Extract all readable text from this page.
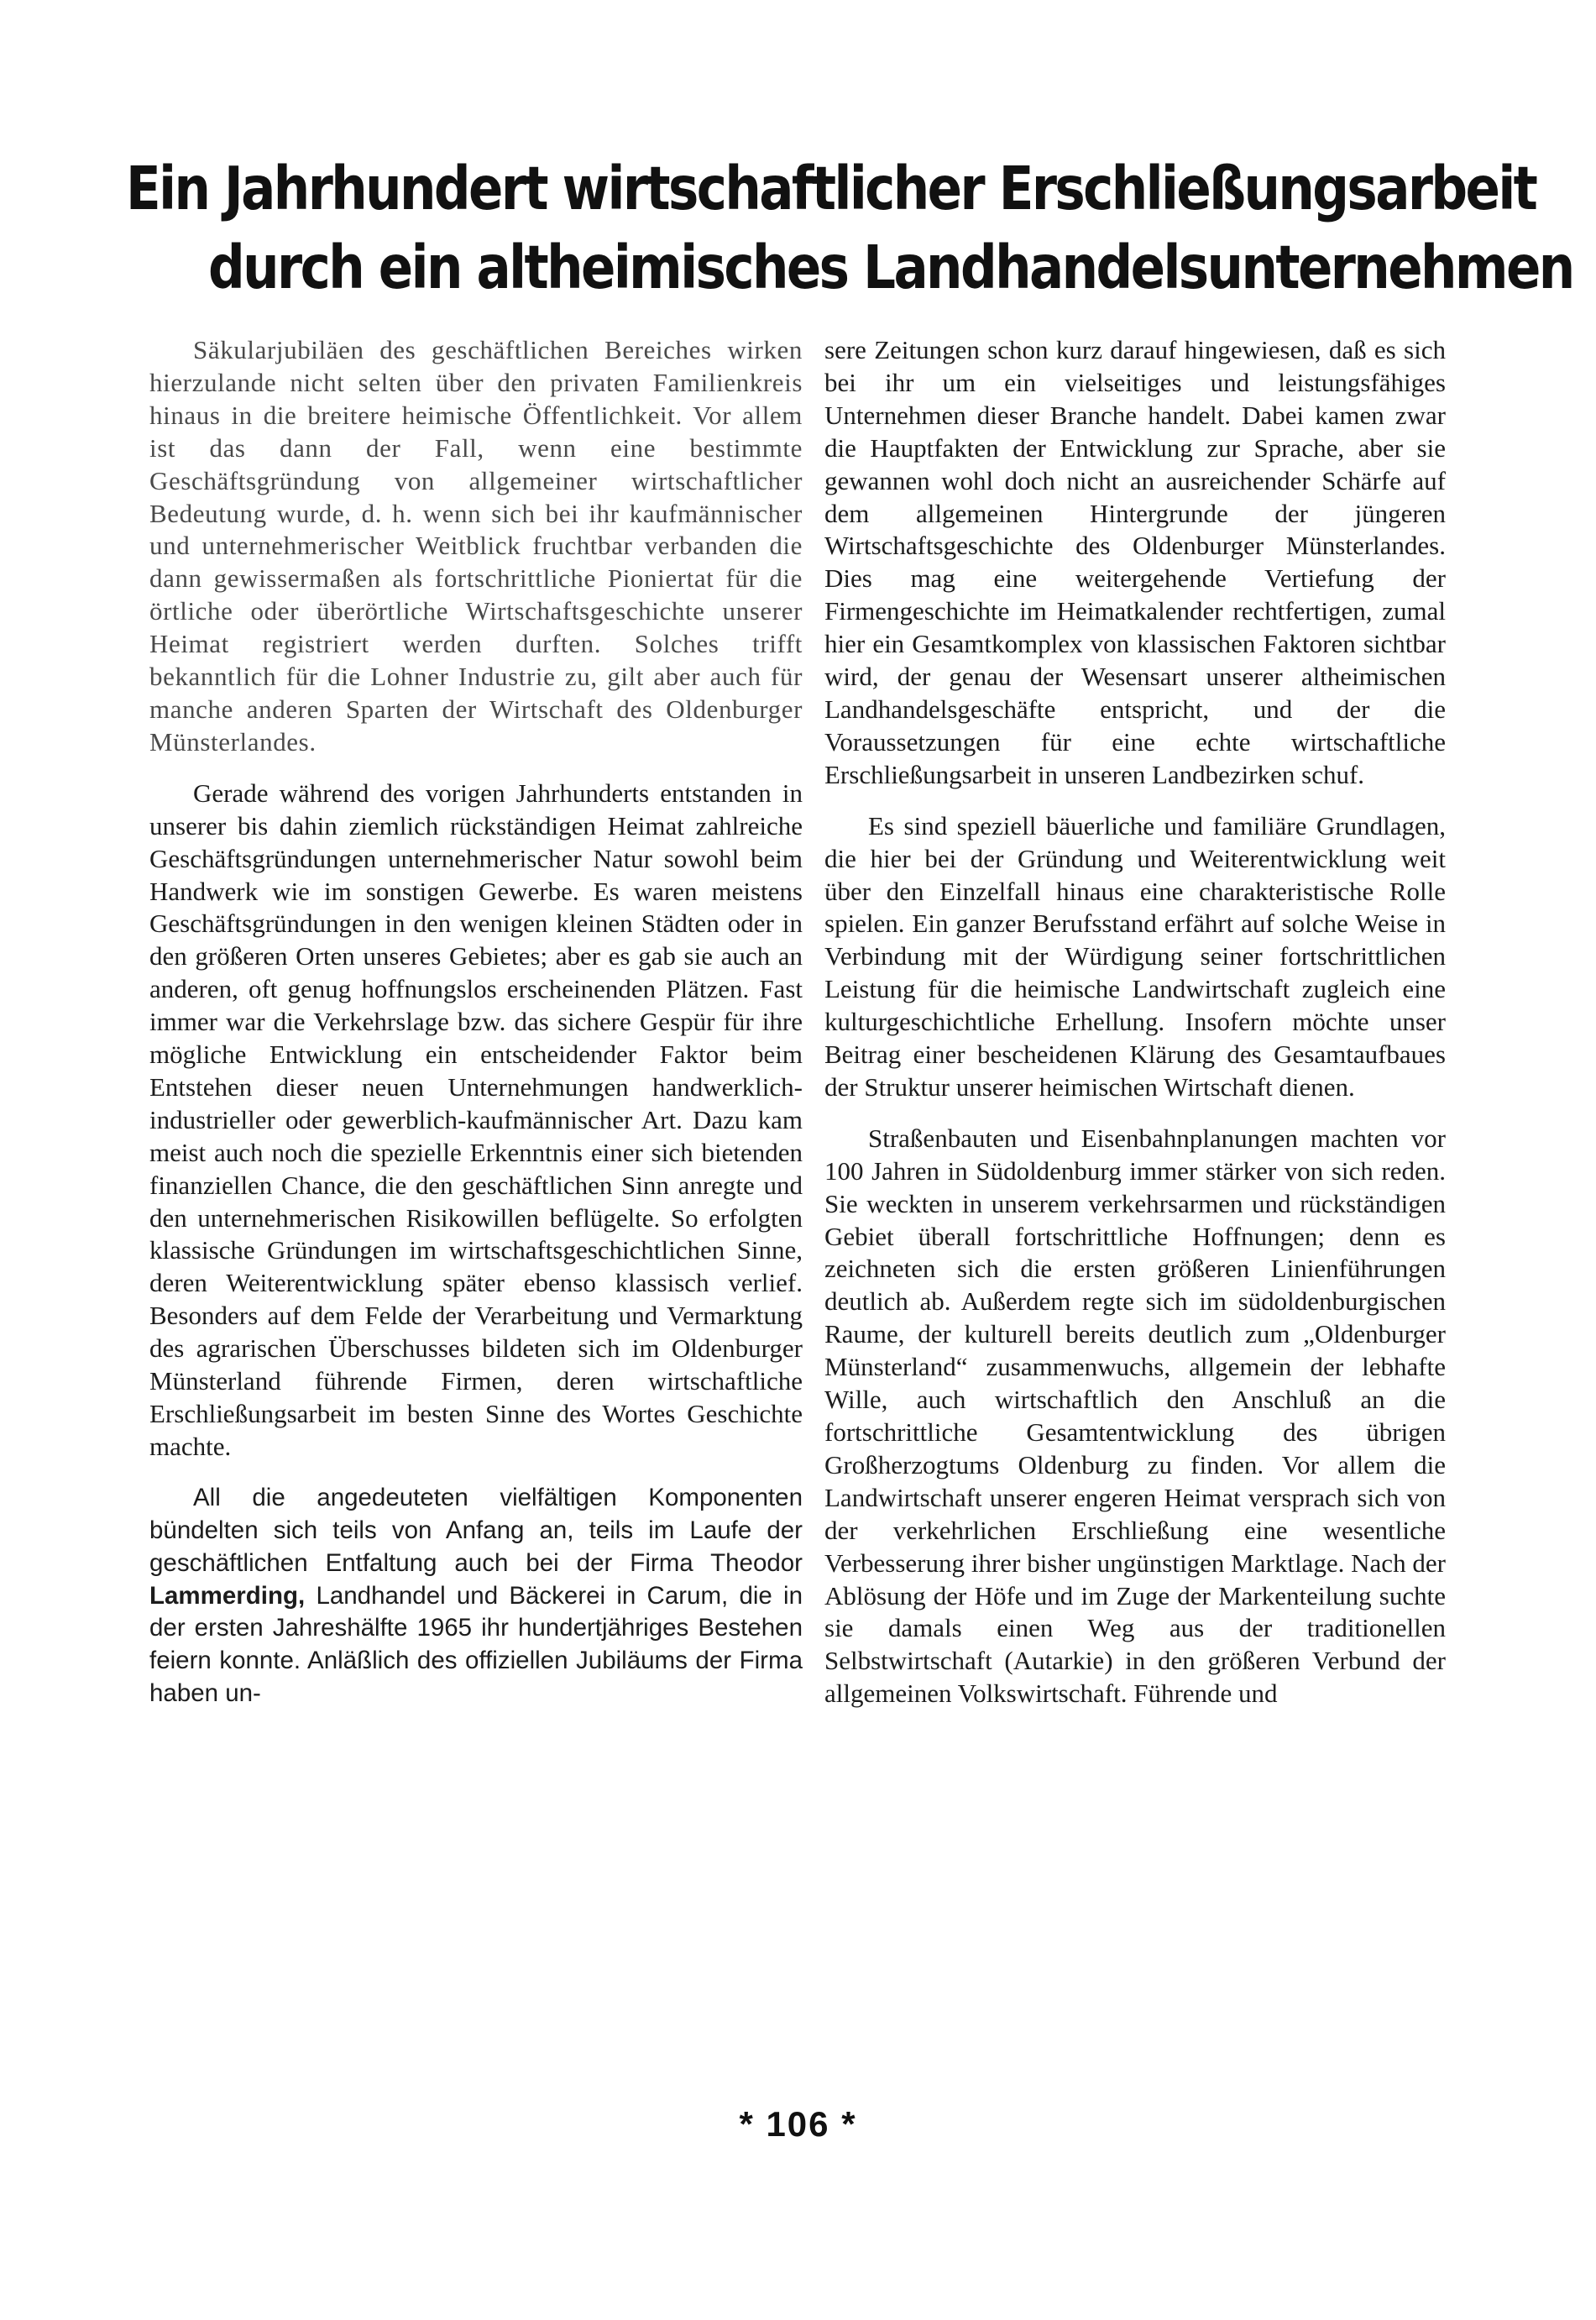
Ein Jahrhundert wirtschaftlicher Erschließungsarbeit
durch ein altheimisches Landhandelsunternehmen

Säkularjubiläen des geschäftlichen Bereiches wirken hierzulande nicht selten über den privaten Familienkreis hinaus in die breitere heimische Öffentlichkeit. Vor allem ist das dann der Fall, wenn eine bestimmte Geschäftsgründung von allgemeiner wirtschaftlicher Bedeutung wurde, d. h. wenn sich bei ihr kaufmännischer und unternehmerischer Weitblick fruchtbar verbanden die dann gewissermaßen als fortschrittliche Pioniertat für die örtliche oder überörtliche Wirtschaftsgeschichte unserer Heimat registriert werden durften. Solches trifft bekanntlich für die Lohner Industrie zu, gilt aber auch für manche anderen Sparten der Wirtschaft des Oldenburger Münsterlandes.

Gerade während des vorigen Jahrhunderts entstanden in unserer bis dahin ziemlich rückständigen Heimat zahlreiche Geschäftsgründungen unternehmerischer Natur sowohl beim Handwerk wie im sonstigen Gewerbe. Es waren meistens Geschäftsgründungen in den wenigen kleinen Städten oder in den größeren Orten unseres Gebietes; aber es gab sie auch an anderen, oft genug hoffnungslos erscheinenden Plätzen. Fast immer war die Verkehrslage bzw. das sichere Gespür für ihre mögliche Entwicklung ein entscheidender Faktor beim Entstehen dieser neuen Unternehmungen handwerklich-industrieller oder gewerblich-kaufmännischer Art. Dazu kam meist auch noch die spezielle Erkenntnis einer sich bietenden finanziellen Chance, die den geschäftlichen Sinn anregte und den unternehmerischen Risikowillen beflügelte. So erfolgten klassische Gründungen im wirtschaftsgeschichtlichen Sinne, deren Weiterentwicklung später ebenso klassisch verlief. Besonders auf dem Felde der Verarbeitung und Vermarktung des agrarischen Überschusses bildeten sich im Oldenburger Münsterland führende Firmen, deren wirtschaftliche Erschließungsarbeit im besten Sinne des Wortes Geschichte machte.

All die angedeuteten vielfältigen Komponenten bündelten sich teils von Anfang an, teils im Laufe der geschäftlichen Entfaltung auch bei der Firma Theodor Lammerding, Landhandel und Bäckerei in Carum, die in der ersten Jahreshälfte 1965 ihr hundertjähriges Bestehen feiern konnte. Anläßlich des offiziellen Jubiläums der Firma haben un-

sere Zeitungen schon kurz darauf hingewiesen, daß es sich bei ihr um ein vielseitiges und leistungsfähiges Unternehmen dieser Branche handelt. Dabei kamen zwar die Hauptfakten der Entwicklung zur Sprache, aber sie gewannen wohl doch nicht an ausreichender Schärfe auf dem allgemeinen Hintergrunde der jüngeren Wirtschaftsgeschichte des Oldenburger Münsterlandes. Dies mag eine weitergehende Vertiefung der Firmengeschichte im Heimatkalender rechtfertigen, zumal hier ein Gesamtkomplex von klassischen Faktoren sichtbar wird, der genau der Wesensart unserer altheimischen Landhandelsgeschäfte entspricht, und der die Voraussetzungen für eine echte wirtschaftliche Erschließungsarbeit in unseren Landbezirken schuf.

Es sind speziell bäuerliche und familiäre Grundlagen, die hier bei der Gründung und Weiterentwicklung weit über den Einzelfall hinaus eine charakteristische Rolle spielen. Ein ganzer Berufsstand erfährt auf solche Weise in Verbindung mit der Würdigung seiner fortschrittlichen Leistung für die heimische Landwirtschaft zugleich eine kulturgeschichtliche Erhellung. Insofern möchte unser Beitrag einer bescheidenen Klärung des Gesamtaufbaues der Struktur unserer heimischen Wirtschaft dienen.

Straßenbauten und Eisenbahnplanungen machten vor 100 Jahren in Südoldenburg immer stärker von sich reden. Sie weckten in unserem verkehrsarmen und rückständigen Gebiet überall fortschrittliche Hoffnungen; denn es zeichneten sich die ersten größeren Linienführungen deutlich ab. Außerdem regte sich im südoldenburgischen Raume, der kulturell bereits deutlich zum „Oldenburger Münsterland“ zusammenwuchs, allgemein der lebhafte Wille, auch wirtschaftlich den Anschluß an die fortschrittliche Gesamtentwicklung des übrigen Großherzogtums Oldenburg zu finden. Vor allem die Landwirtschaft unserer engeren Heimat versprach sich von der verkehrlichen Erschließung eine wesentliche Verbesserung ihrer bisher ungünstigen Marktlage. Nach der Ablösung der Höfe und im Zuge der Markenteilung suchte sie damals einen Weg aus der traditionellen Selbstwirtschaft (Autarkie) in den größeren Verbund der allgemeinen Volkswirtschaft. Führende und

* 106 *
